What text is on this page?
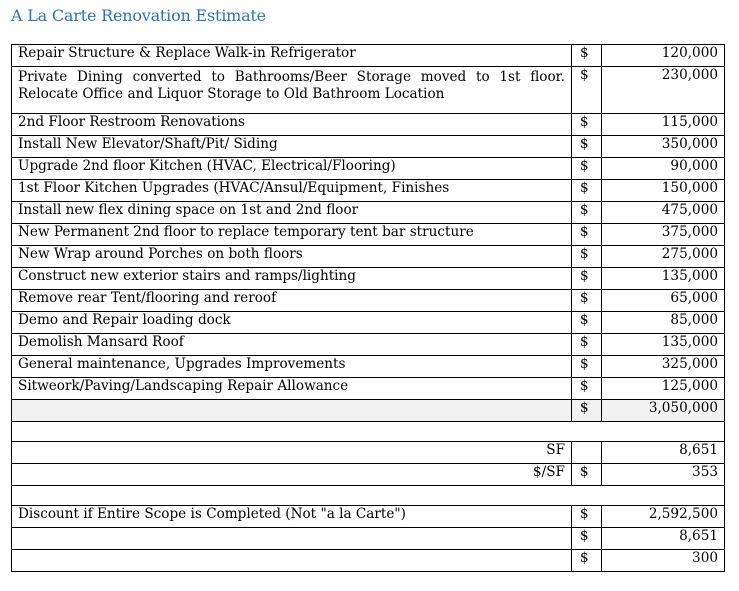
A La Carte Renovation Estimate
Repair Structure & Replace Walk-in Refrigerator	$	120,000
Private Dining converted to Bathrooms/Beer Storage moved to 1st floor. Relocate Office and Liquor Storage to Old Bathroom Location	$	230,000
2nd Floor Restroom Renovations	$	115,000
Install New Elevator/Shaft/Pit/ Siding	$	350,000
Upgrade 2nd floor Kitchen (HVAC, Electrical/Flooring)	$	90,000
1st Floor Kitchen Upgrades (HVAC/Ansul/Equipment, Finishes	$	150,000
Install new flex dining space on 1st and 2nd floor	$	475,000
New Permanent 2nd floor to replace temporary tent bar structure	$	375,000
New Wrap around Porches on both floors	$	275,000
Construct new exterior stairs and ramps/lighting	$	135,000
Remove rear Tent/flooring and reroof	$	65,000
Demo and Repair loading dock	$	85,000
Demolish Mansard Roof	$	135,000
General maintenance, Upgrades Improvements	$	325,000
Sitweork/Paving/Landscaping Repair Allowance	$	125,000
	$	3,050,000

SF		8,651
$/SF	$	353

Discount if Entire Scope is Completed (Not "a la Carte")	$	2,592,500
	$	8,651
	$	300
